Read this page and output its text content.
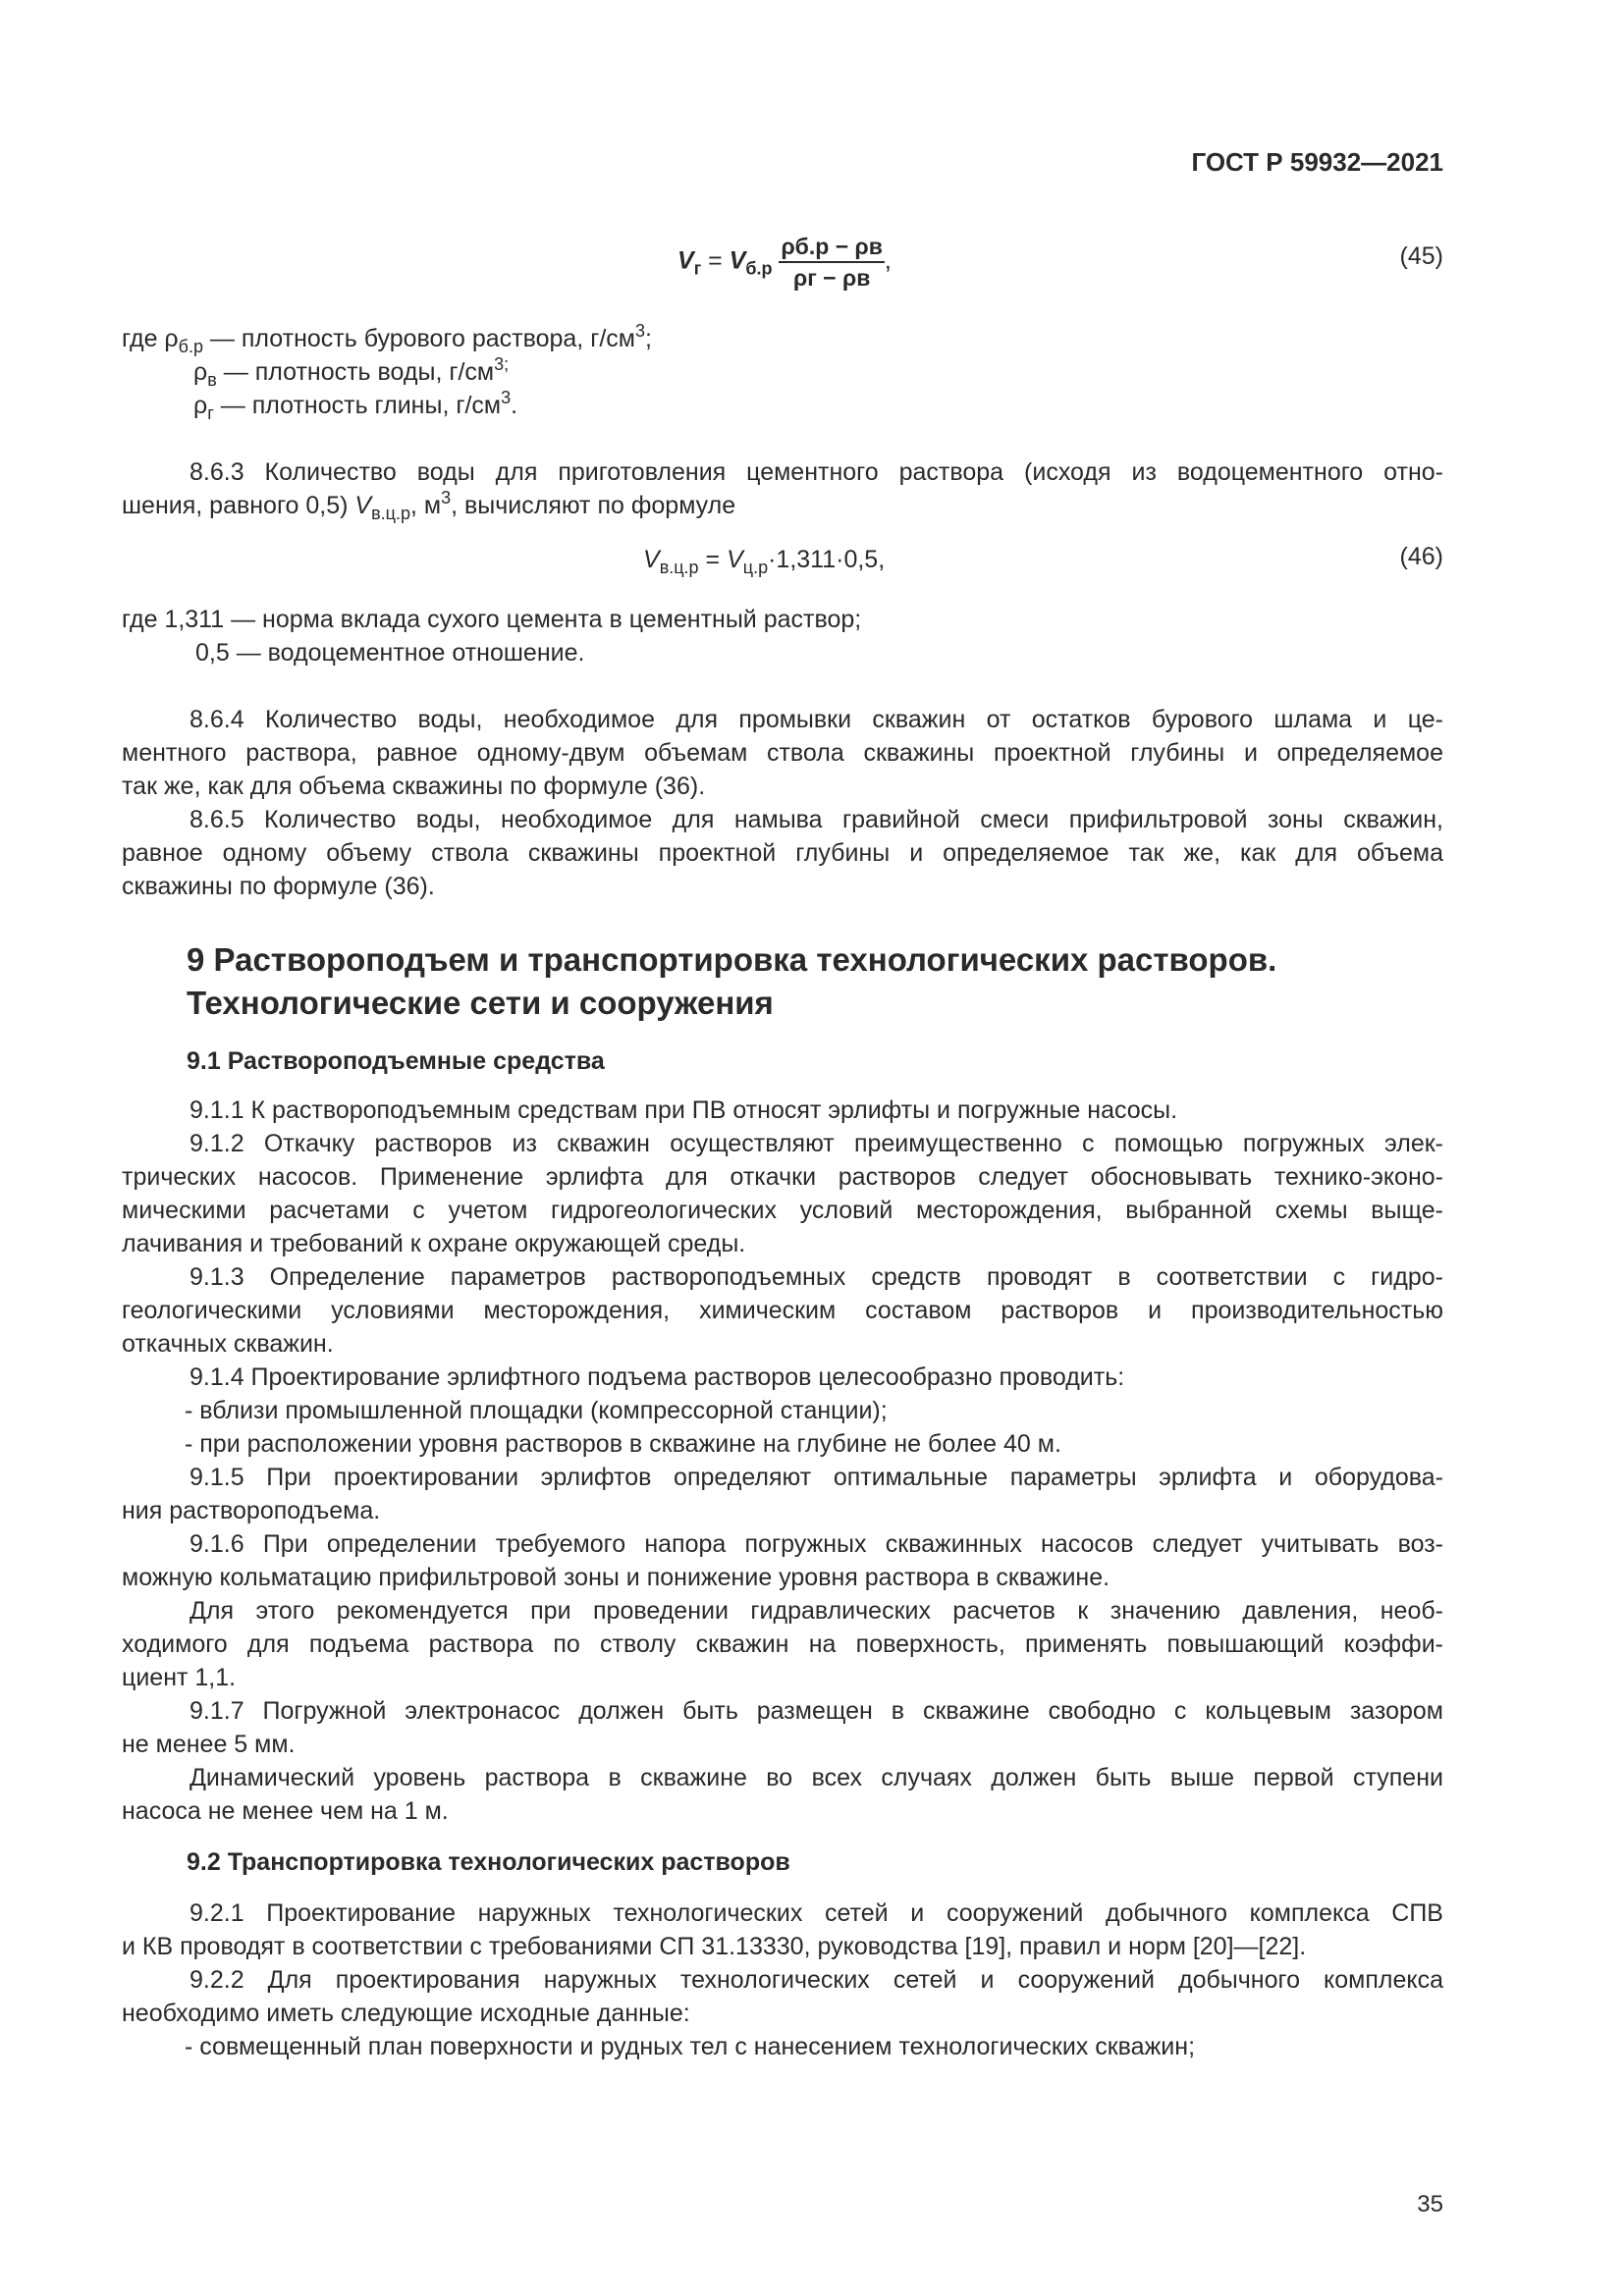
ГОСТ Р 59932—2021
$V_г = V_{б.р} \frac{\rho б.р - \rho в}{\rho г - \rho в}$ ,	(45)
где $\rho_{б.р}$ — плотность бурового раствора, $г/см^3$;
$\rho_в$ — плотность воды, $г/см^{3;}$
$\rho_г$ — плотность глины, $г/см^3$.
8.6.3 Количество воды для приготовления цементного раствора (исходя из водоцементного отно-
шения, равного 0,5) $V_{в.ц.р}$, $м^3$, вычисляют по формуле
$V_{в.ц.р} = V_{ц.р}\cdot 1,311\cdot 0,5$,	(46)
где 1,311 — норма вклада сухого цемента в цементный раствор;
0,5 — водоцементное отношение.
8.6.4 Количество воды, необходимое для промывки скважин от остатков бурового шлама и це-
ментного раствора, равное одному-двум объемам ствола скважины проектной глубины и определяемое
так же, как для объема скважины по формуле (36).
8.6.5 Количество воды, необходимое для намыва гравийной смеси прифильтровой зоны скважин,
равное одному объему ствола скважины проектной глубины и определяемое так же, как для объема
скважины по формуле (36).
9 Раствороподъем и транспортировка технологических растворов.
Технологические сети и сооружения
9.1 Раствороподъемные средства
9.1.1 К раствороподъемным средствам при ПВ относят эрлифты и погружные насосы.
9.1.2 Откачку растворов из скважин осуществляют преимущественно с помощью погружных элек-
трических насосов. Применение эрлифта для откачки растворов следует обосновывать технико-эконо-
мическими расчетами с учетом гидрогеологических условий месторождения, выбранной схемы выще-
лачивания и требований к охране окружающей среды.
9.1.3 Определение параметров раствороподъемных средств проводят в соответствии с гидро-
геологическими условиями месторождения, химическим составом растворов и производительностью
откачных скважин.
9.1.4 Проектирование эрлифтного подъема растворов целесообразно проводить:
- вблизи промышленной площадки (компрессорной станции);
- при расположении уровня растворов в скважине на глубине не более 40 м.
9.1.5 При проектировании эрлифтов определяют оптимальные параметры эрлифта и оборудова-
ния раствороподъема.
9.1.6 При определении требуемого напора погружных скважинных насосов следует учитывать воз-
можную кольматацию прифильтровой зоны и понижение уровня раствора в скважине.
Для этого рекомендуется при проведении гидравлических расчетов к значению давления, необ-
ходимого для подъема раствора по стволу скважин на поверхность, применять повышающий коэффи-
циент 1,1.
9.1.7 Погружной электронасос должен быть размещен в скважине свободно с кольцевым зазором
не менее 5 мм.
Динамический уровень раствора в скважине во всех случаях должен быть выше первой ступени
насоса не менее чем на 1 м.
9.2 Транспортировка технологических растворов
9.2.1 Проектирование наружных технологических сетей и сооружений добычного комплекса СПВ
и КВ проводят в соответствии с требованиями СП 31.13330, руководства [19], правил и норм [20]—[22].
9.2.2 Для проектирования наружных технологических сетей и сооружений добычного комплекса
необходимо иметь следующие исходные данные:
- совмещенный план поверхности и рудных тел с нанесением технологических скважин;
35
